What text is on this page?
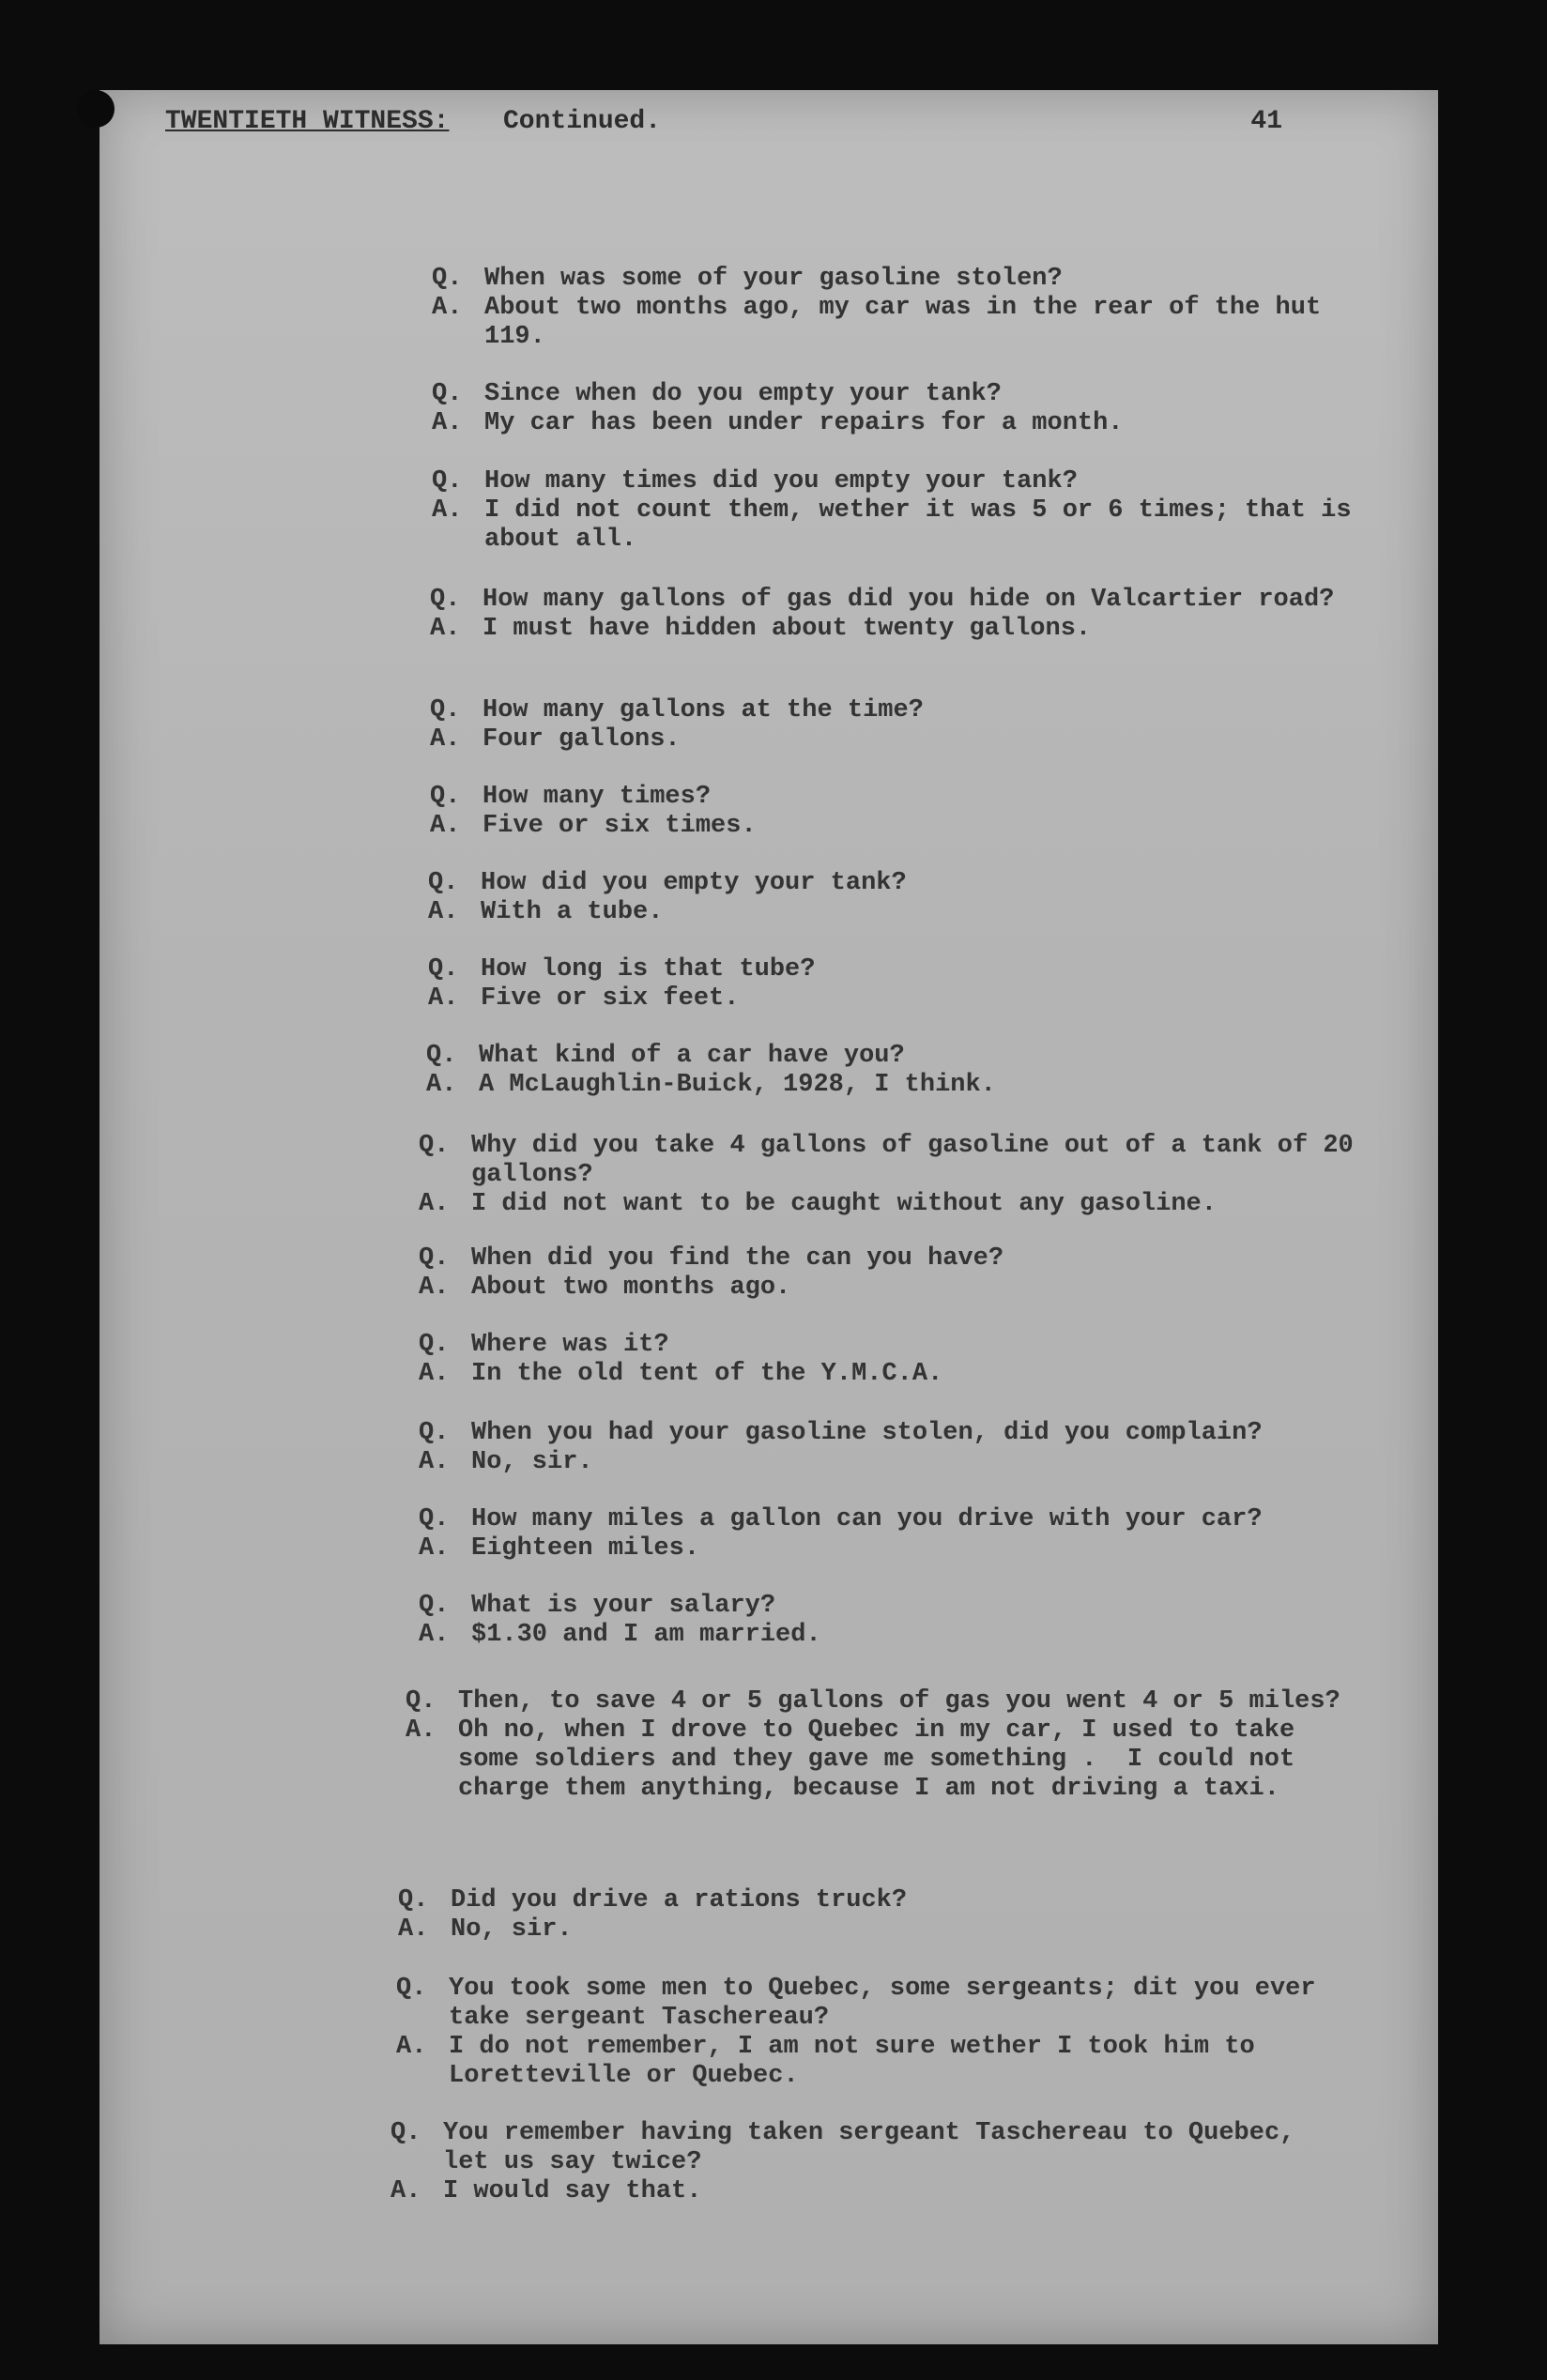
TWENTIETH WITNESS: Continued.	41
Q. When was some of your gasoline stolen?
A. About two months ago, my car was in the rear of the hut 119.
Q. Since when do you empty your tank?
A. My car has been under repairs for a month.
Q. How many times did you empty your tank?
A. I did not count them, wether it was 5 or 6 times; that is about all.
Q. How many gallons of gas did you hide on Valcartier road?
A. I must have hidden about twenty gallons.
Q. How many gallons at the time?
A. Four gallons.
Q. How many times?
A. Five or six times.
Q. How did you empty your tank?
A. With a tube.
Q. How long is that tube?
A. Five or six feet.
Q. What kind of a car have you?
A. A McLaughlin-Buick, 1928, I think.
Q. Why did you take 4 gallons of gasoline out of a tank of 20 gallons?
A. I did not want to be caught without any gasoline.
Q. When did you find the can you have?
A. About two months ago.
Q. Where was it?
A. In the old tent of the Y.M.C.A.
Q. When you had your gasoline stolen, did you complain?
A. No, sir.
Q. How many miles a gallon can you drive with your car?
A. Eighteen miles.
Q. What is your salary?
A. $1.30 and I am married.
Q. Then, to save 4 or 5 gallons of gas you went 4 or 5 miles?
A. Oh no, when I drove to Quebec in my car, I used to take some soldiers and they gave me something .  I could not charge them anything, because I am not driving a taxi.
Q. Did you drive a rations truck?
A. No, sir.
Q. You took some men to Quebec, some sergeants; dit you ever take sergeant Taschereau?
A. I do not remember, I am not sure wether I took him to Loretteville or Quebec.
Q. You remember having taken sergeant Taschereau to Quebec, let us say twice?
A. I would say that.
